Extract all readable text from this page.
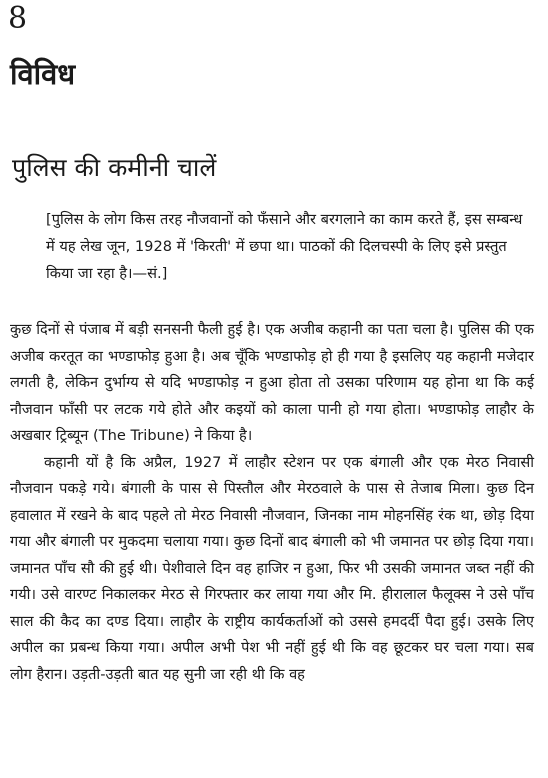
8
विविध
पुलिस की कमीनी चालें
[पुलिस के लोग किस तरह नौजवानों को फँसाने और बरगलाने का काम करते हैं, इस सम्बन्ध में यह लेख जून, 1928 में 'किरती' में छपा था। पाठकों की दिलचस्पी के लिए इसे प्रस्तुत किया जा रहा है।—सं.]

कुछ दिनों से पंजाब में बड़ी सनसनी फैली हुई है। एक अजीब कहानी का पता चला है। पुलिस की एक अजीब करतूत का भण्डाफोड़ हुआ है। अब चूँकि भण्डाफोड़ हो ही गया है इसलिए यह कहानी मजेदार लगती है, लेकिन दुर्भाग्य से यदि भण्डाफोड़ न हुआ होता तो उसका परिणाम यह होना था कि कई नौजवान फाँसी पर लटक गये होते और कइयों को काला पानी हो गया होता। भण्डाफोड़ लाहौर के अखबार ट्रिब्यून (The Tribune) ने किया है।

कहानी यों है कि अप्रैल, 1927 में लाहौर स्टेशन पर एक बंगाली और एक मेरठ निवासी नौजवान पकड़े गये। बंगाली के पास से पिस्तौल और मेरठवाले के पास से तेजाब मिला। कुछ दिन हवालात में रखने के बाद पहले तो मेरठ निवासी नौजवान, जिनका नाम मोहनसिंह रंक था, छोड़ दिया गया और बंगाली पर मुकदमा चलाया गया। कुछ दिनों बाद बंगाली को भी जमानत पर छोड़ दिया गया। जमानत पाँच सौ की हुई थी। पेशीवाले दिन वह हाजिर न हुआ, फिर भी उसकी जमानत जब्त नहीं की गयी। उसे वारण्ट निकालकर मेरठ से गिरफ्तार कर लाया गया और मि. हीरालाल फैलूक्स ने उसे पाँच साल की कैद का दण्ड दिया। लाहौर के राष्ट्रीय कार्यकर्ताओं को उससे हमदर्दी पैदा हुई। उसके लिए अपील का प्रबन्ध किया गया। अपील अभी पेश भी नहीं हुई थी कि वह छूटकर घर चला गया। सब लोग हैरान। उड़ती-उड़ती बात यह सुनी जा रही थी कि वह
